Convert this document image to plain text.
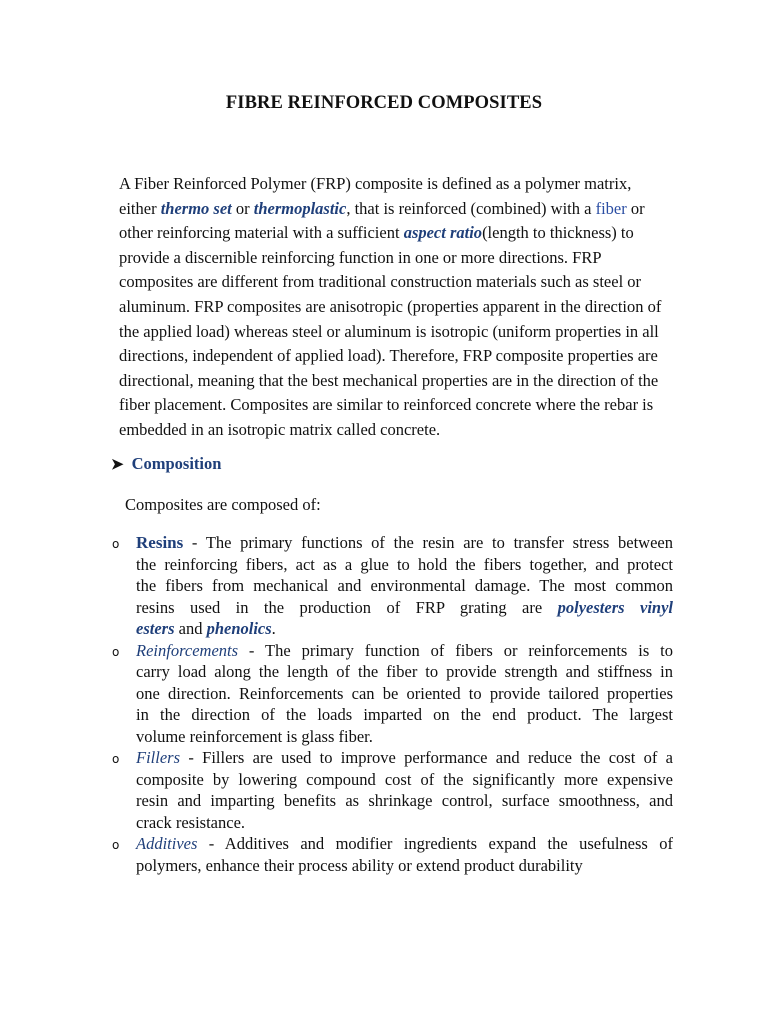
FIBRE REINFORCED COMPOSITES

A Fiber Reinforced Polymer (FRP) composite is defined as a polymer matrix,
either thermo set or thermoplastic, that is reinforced (combined) with a fiber or
other reinforcing material with a sufficient aspect ratio(length to thickness) to
provide a discernible reinforcing function in one or more directions. FRP
composites are different from traditional construction materials such as steel or
aluminum. FRP composites are anisotropic (properties apparent in the direction of
the applied load) whereas steel or aluminum is isotropic (uniform properties in all
directions, independent of applied load). Therefore, FRP composite properties are
directional, meaning that the best mechanical properties are in the direction of the
fiber placement. Composites are similar to reinforced concrete where the rebar is
embedded in an isotropic matrix called concrete.

➤ Composition
Composites are composed of:
o Resins - The primary functions of the resin are to transfer stress between
the reinforcing fibers, act as a glue to hold the fibers together, and protect
the fibers from mechanical and environmental damage. The most common
resins used in the production of FRP grating are polyesters vinyl
esters and phenolics.
o Reinforcements - The primary function of fibers or reinforcements is to
carry load along the length of the fiber to provide strength and stiffness in
one direction. Reinforcements can be oriented to provide tailored properties
in the direction of the loads imparted on the end product. The largest
volume reinforcement is glass fiber.
o Fillers - Fillers are used to improve performance and reduce the cost of a
composite by lowering compound cost of the significantly more expensive
resin and imparting benefits as shrinkage control, surface smoothness, and
crack resistance.
o Additives - Additives and modifier ingredients expand the usefulness of
polymers, enhance their process ability or extend product durability
